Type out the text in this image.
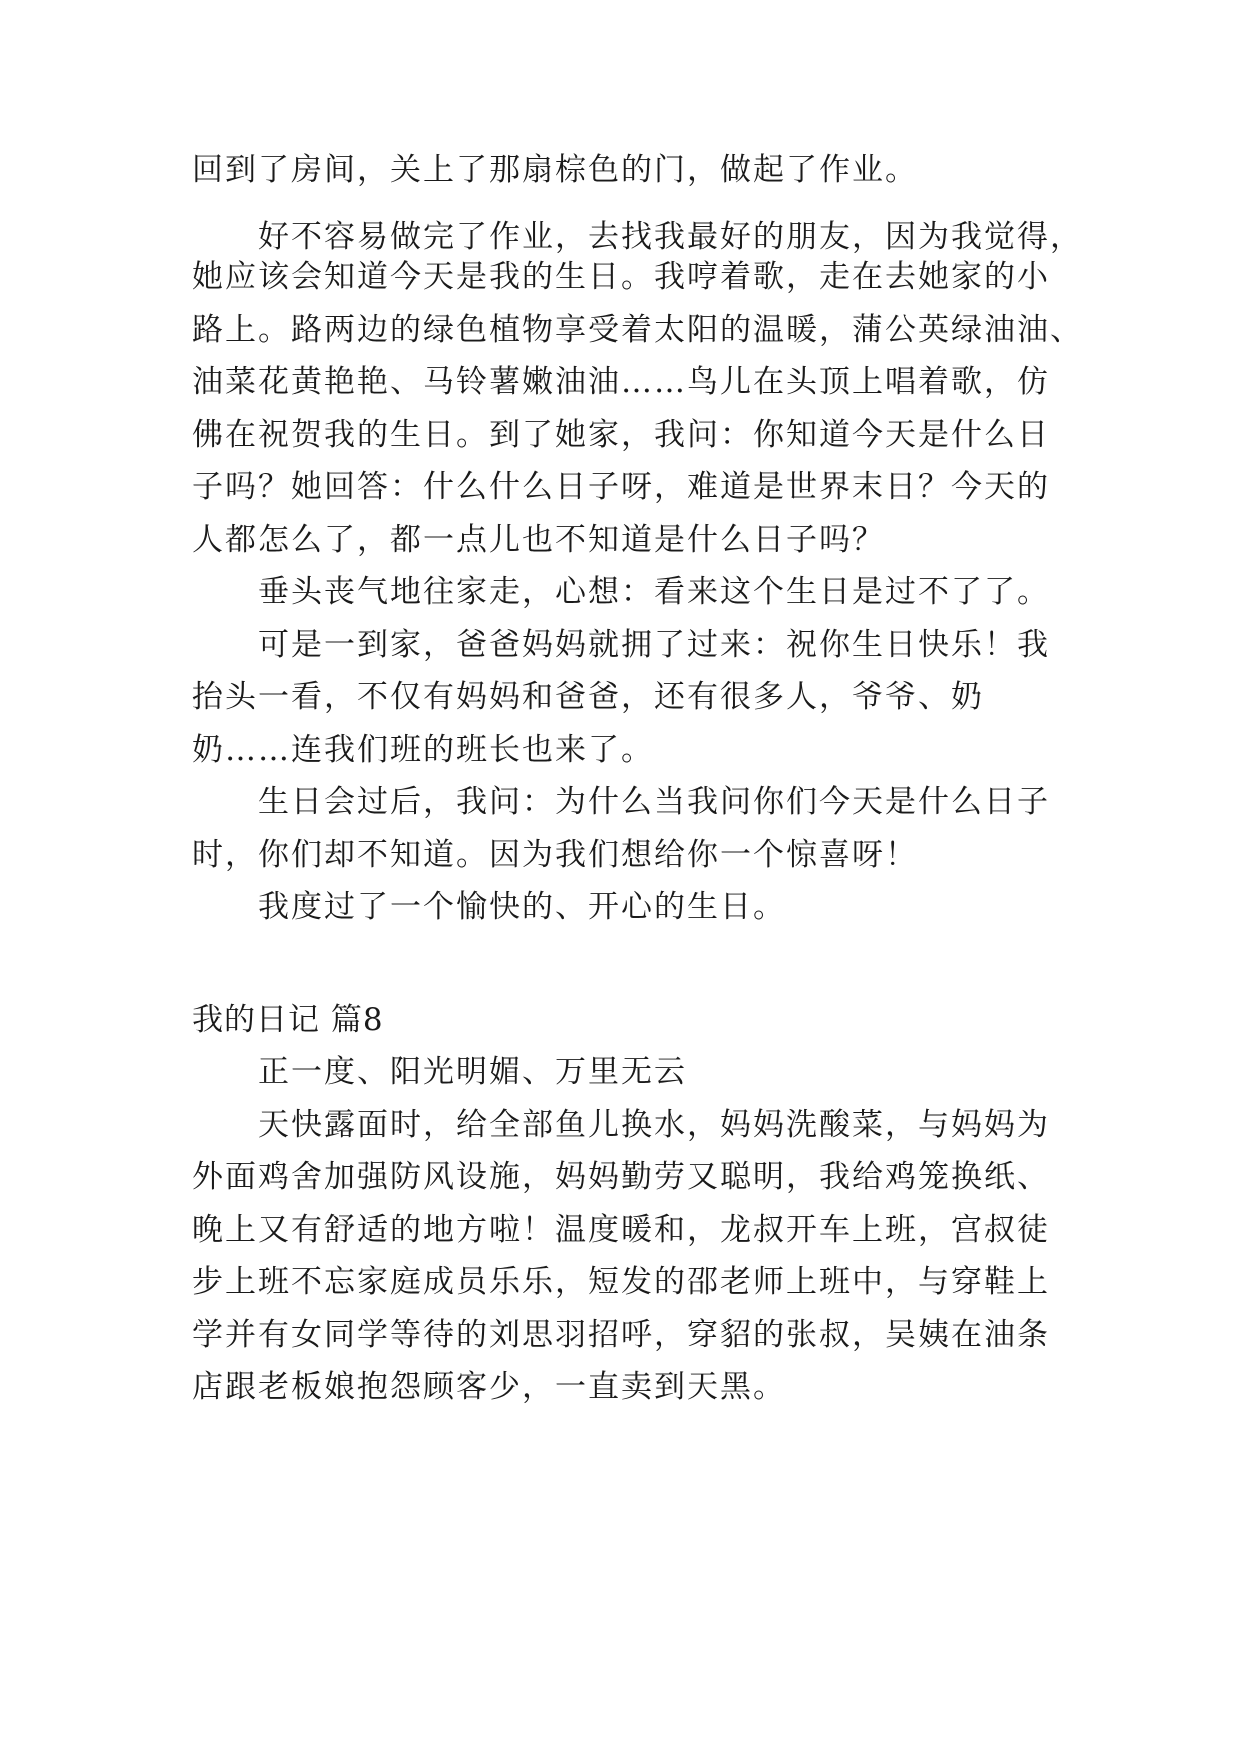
回到了房间，关上了那扇棕色的门，做起了作业。
好不容易做完了作业，去找我最好的朋友，因为我觉得，
她应该会知道今天是我的生日。我哼着歌，走在去她家的小
路上。路两边的绿色植物享受着太阳的温暖，蒲公英绿油油、
油菜花黄艳艳、马铃薯嫩油油……鸟儿在头顶上唱着歌，仿
佛在祝贺我的生日。到了她家，我问：你知道今天是什么日
子吗？她回答：什么什么日子呀，难道是世界末日？今天的
人都怎么了，都一点儿也不知道是什么日子吗？
垂头丧气地往家走，心想：看来这个生日是过不了了。
可是一到家，爸爸妈妈就拥了过来：祝你生日快乐！我
抬头一看，不仅有妈妈和爸爸，还有很多人，爷爷、奶
奶……连我们班的班长也来了。
生日会过后，我问：为什么当我问你们今天是什么日子
时，你们却不知道。因为我们想给你一个惊喜呀！
我度过了一个愉快的、开心的生日。
我的日记 篇8
正一度、阳光明媚、万里无云
天快露面时，给全部鱼儿换水，妈妈洗酸菜，与妈妈为
外面鸡舍加强防风设施，妈妈勤劳又聪明，我给鸡笼换纸、
晚上又有舒适的地方啦！温度暖和，龙叔开车上班，宫叔徒
步上班不忘家庭成员乐乐，短发的邵老师上班中，与穿鞋上
学并有女同学等待的刘思羽招呼，穿貂的张叔，吴姨在油条
店跟老板娘抱怨顾客少，一直卖到天黑。
